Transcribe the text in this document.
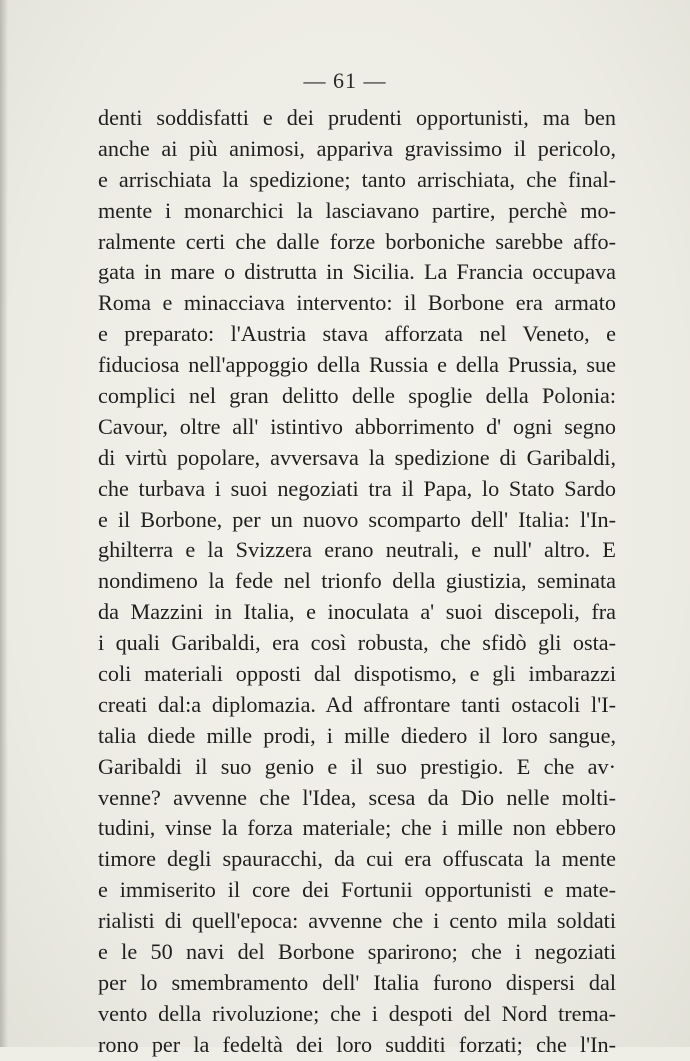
— 61 —
denti soddisfatti e dei prudenti opportunisti, ma ben
anche ai più animosi, appariva gravissimo il pericolo,
e arrischiata la spedizione; tanto arrischiata, che final-
mente i monarchici la lasciavano partire, perchè mo-
ralmente certi che dalle forze borboniche sarebbe affo-
gata in mare o distrutta in Sicilia. La Francia occupava
Roma e minacciava intervento: il Borbone era armato
e preparato: l'Austria stava afforzata nel Veneto, e
fiduciosa nell'appoggio della Russia e della Prussia, sue
complici nel gran delitto delle spoglie della Polonia:
Cavour, oltre all' istintivo abborrimento d' ogni segno
di virtù popolare, avversava la spedizione di Garibaldi,
che turbava i suoi negoziati tra il Papa, lo Stato Sardo
e il Borbone, per un nuovo scomparto dell' Italia: l'In-
ghilterra e la Svizzera erano neutrali, e null' altro. E
nondimeno la fede nel trionfo della giustizia, seminata
da Mazzini in Italia, e inoculata a' suoi discepoli, fra
i quali Garibaldi, era così robusta, che sfidò gli osta-
coli materiali opposti dal dispotismo, e gli imbarazzi
creati dal:a diplomazia. Ad affrontare tanti ostacoli l'I-
talia diede mille prodi, i mille diedero il loro sangue,
Garibaldi il suo genio e il suo prestigio. E che av·
venne? avvenne che l'Idea, scesa da Dio nelle molti-
tudini, vinse la forza materiale; che i mille non ebbero
timore degli spauracchi, da cui era offuscata la mente
e immiserito il core dei Fortunii opportunisti e mate-
rialisti di quell'epoca: avvenne che i cento mila soldati
e le 50 navi del Borbone sparirono; che i negoziati
per lo smembramento dell' Italia furono dispersi dal
vento della rivoluzione; che i despoti del Nord trema-
rono per la fedeltà dei loro sudditi forzati; che l'In-
